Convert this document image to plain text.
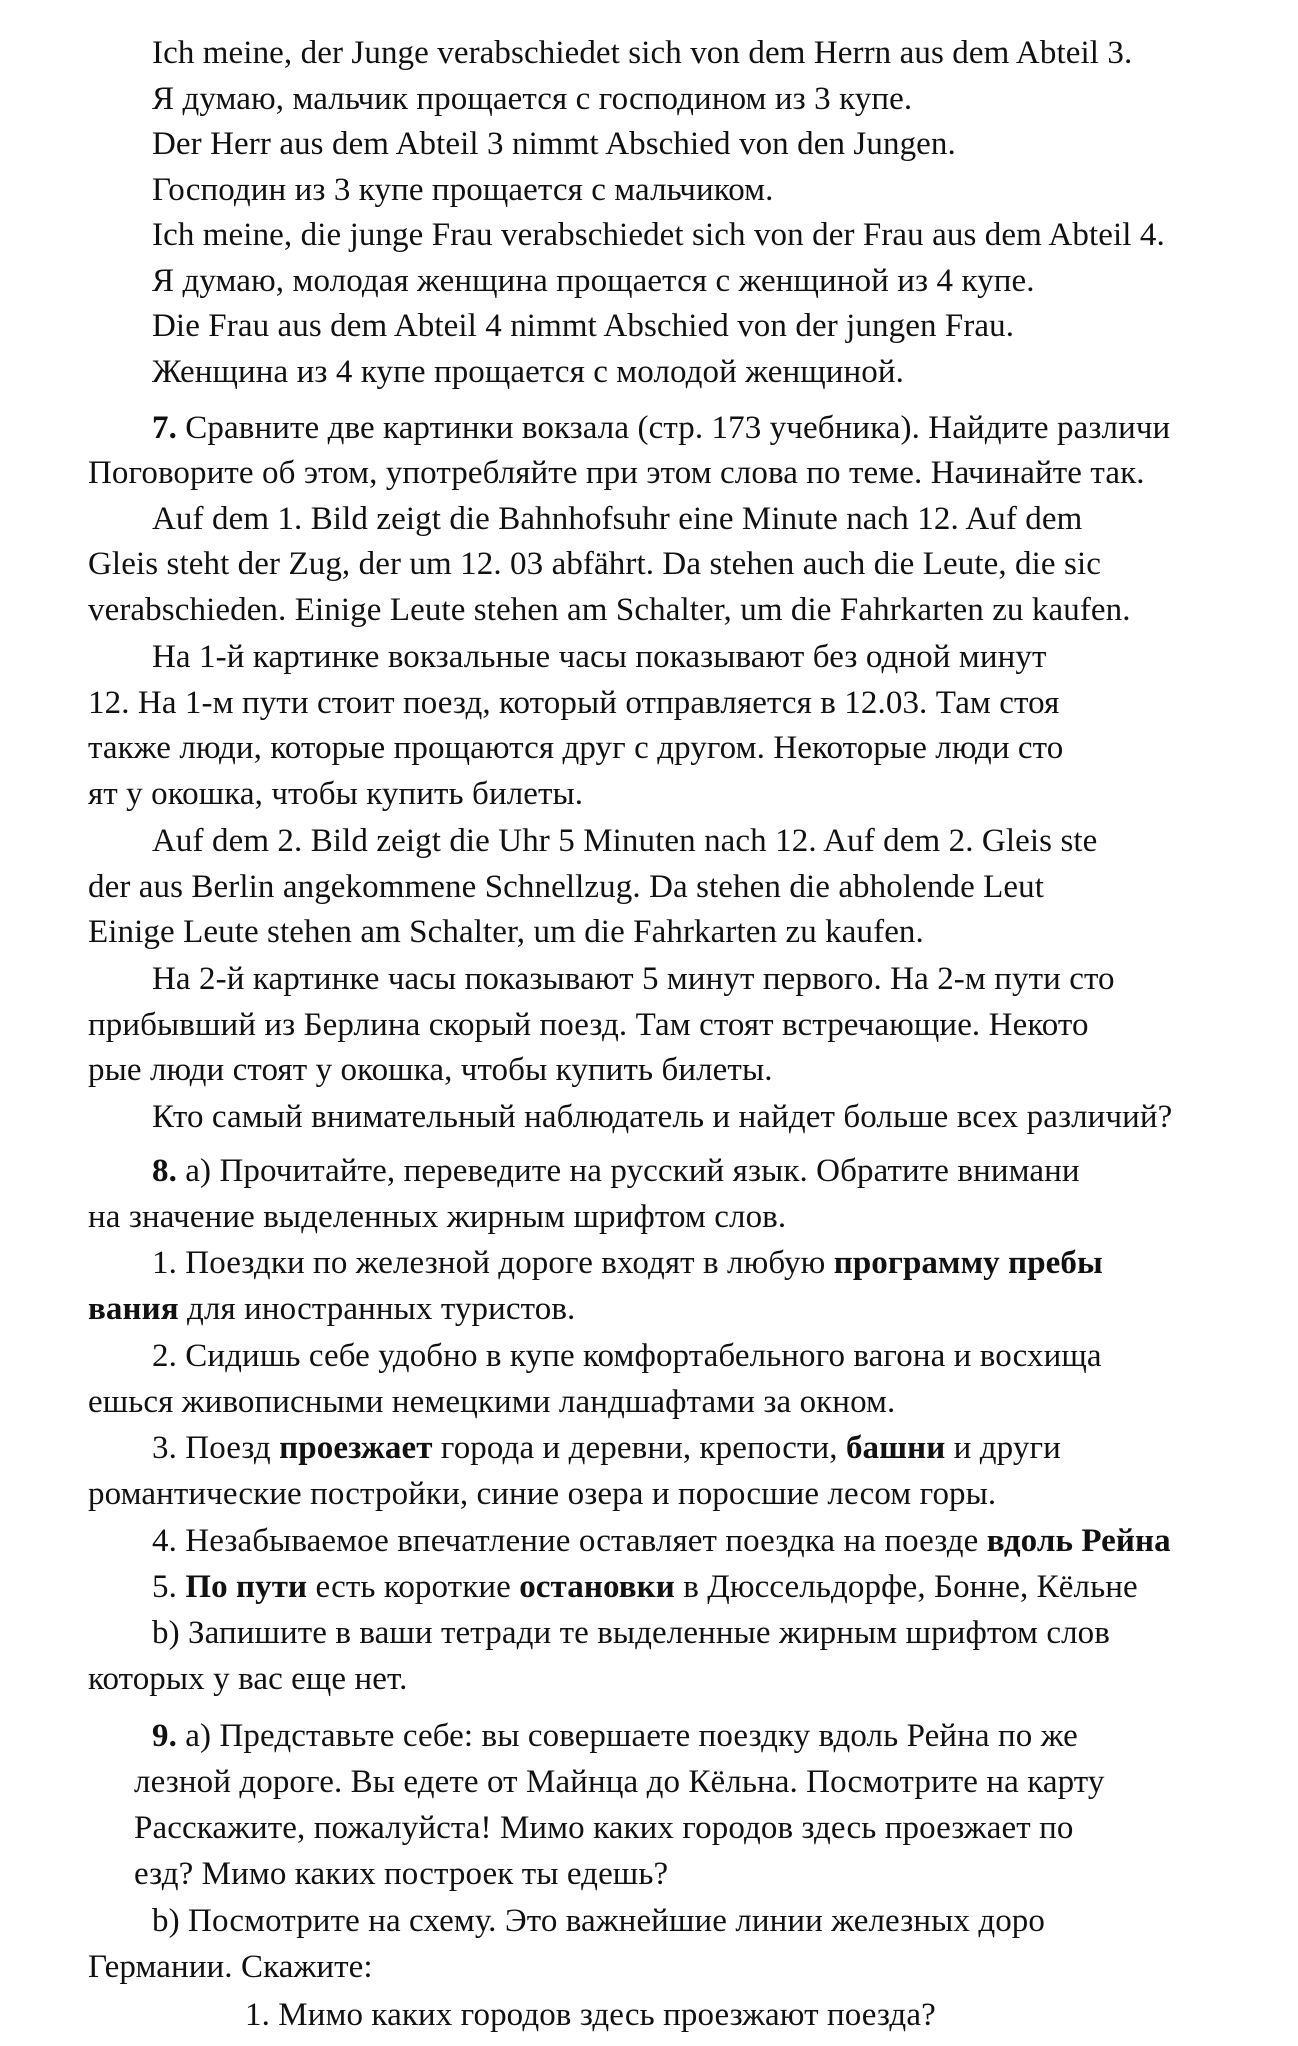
Ich meine, der Junge verabschiedet sich von dem Herrn aus dem Abteil 3.
Я думаю, мальчик прощается с господином из 3 купе.
Der Herr aus dem Abteil 3 nimmt Abschied von den Jungen.
Господин из 3 купе прощается с мальчиком.
Ich meine, die junge Frau verabschiedet sich von der Frau aus dem Abteil 4.
Я думаю, молодая женщина прощается с женщиной из 4 купе.
Die Frau aus dem Abteil 4 nimmt Abschied von der jungen Frau.
Женщина из 4 купе прощается с молодой женщиной.
7. Сравните две картинки вокзала (стр. 173 учебника). Найдите различи
Поговорите об этом, употребляйте при этом слова по теме. Начинайте так.
Auf dem 1. Bild zeigt die Bahnhofsuhr eine Minute nach 12. Auf dem
Gleis steht der Zug, der um 12. 03 abfährt. Da stehen auch die Leute, die sic
verabschieden. Einige Leute stehen am Schalter, um die Fahrkarten zu kaufen.
На 1-й картинке вокзальные часы показывают без одной минут
12. На 1-м пути стоит поезд, который отправляется в 12.03. Там стоя
также люди, которые прощаются друг с другом. Некоторые люди сто
ят у окошка, чтобы купить билеты.
Auf dem 2. Bild zeigt die Uhr 5 Minuten nach 12. Auf dem 2. Gleis ste
der aus Berlin angekommene Schnellzug. Da stehen die abholende Leut
Einige Leute stehen am Schalter, um die Fahrkarten zu kaufen.
На 2-й картинке часы показывают 5 минут первого. На 2-м пути сто
прибывший из Берлина скорый поезд. Там стоят встречающие. Некото
рые люди стоят у окошка, чтобы купить билеты.
Кто самый внимательный наблюдатель и найдет больше всех различий?
8. а) Прочитайте, переведите на русский язык. Обратите внимани
на значение выделенных жирным шрифтом слов.
1. Поездки по железной дороге входят в любую программу пребы
вания для иностранных туристов.
2. Сидишь себе удобно в купе комфортабельного вагона и восхища
ешься живописными немецкими ландшафтами за окном.
3. Поезд проезжает города и деревни, крепости, башни и други
романтические постройки, синие озера и поросшие лесом горы.
4. Незабываемое впечатление оставляет поездка на поезде вдоль Рейна
5. По пути есть короткие остановки в Дюссельдорфе, Бонне, Кёльне
b) Запишите в ваши тетради те выделенные жирным шрифтом слов
которых у вас еще нет.
9. а) Представьте себе: вы совершаете поездку вдоль Рейна по же
лезной дороге. Вы едете от Майнца до Кёльна. Посмотрите на карту
Расскажите, пожалуйста! Мимо каких городов здесь проезжает по
езд? Мимо каких построек ты едешь?
b) Посмотрите на схему. Это важнейшие линии железных доро
Германии. Скажите:
1. Мимо каких городов здесь проезжают поезда?
